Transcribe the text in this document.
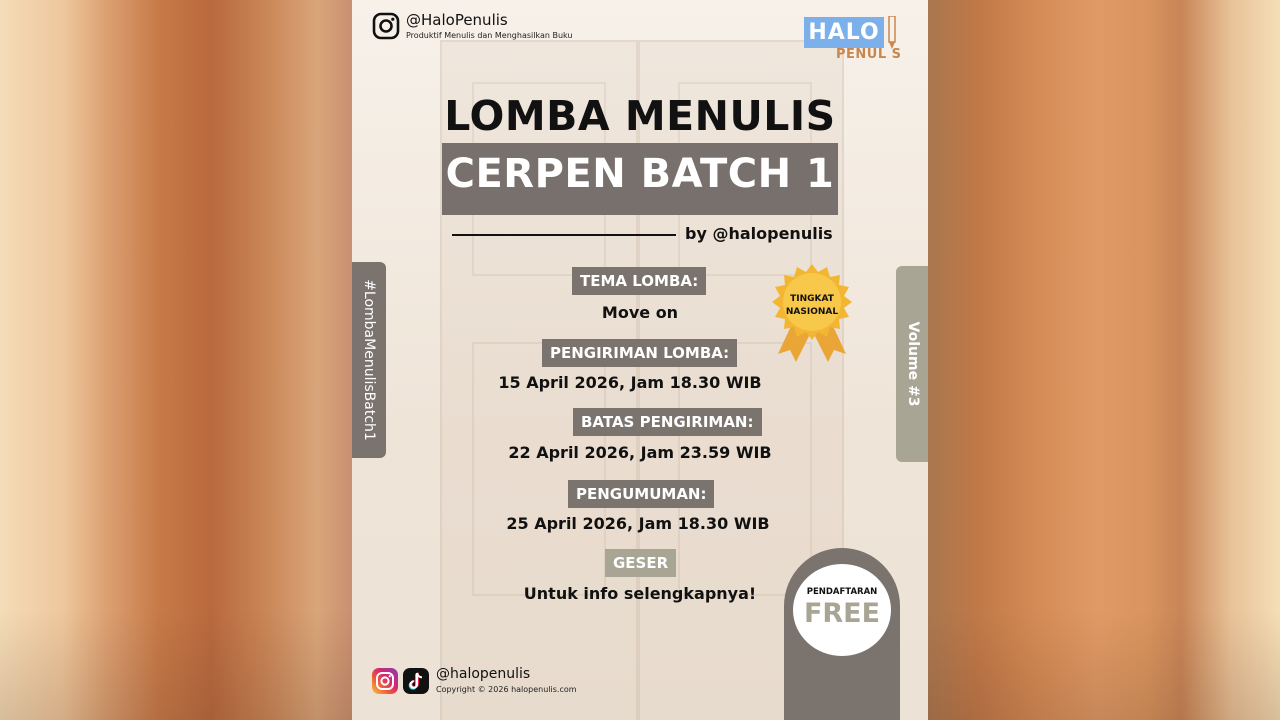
@HaloPenulis
Produktif Menulis dan Menghasilkan Buku	HALO
PENUL S
LOMBA MENULIS
CERPEN BATCH 1
by @halopenulis
TEMA LOMBA:
Move on
PENGIRIMAN LOMBA:
15 April 2026, Jam 18.30 WIB
BATAS PENGIRIMAN:
22 April 2026, Jam 23.59 WIB
PENGUMUMAN:
25 April 2026, Jam 18.30 WIB
GESER
Untuk info selengkapnya!
#LombaMenulisBatch1	Volume #3
TINGKAT
NASIONAL
PENDAFTARAN
FREE
@halopenulis
Copyright © 2026 halopenulis.com
